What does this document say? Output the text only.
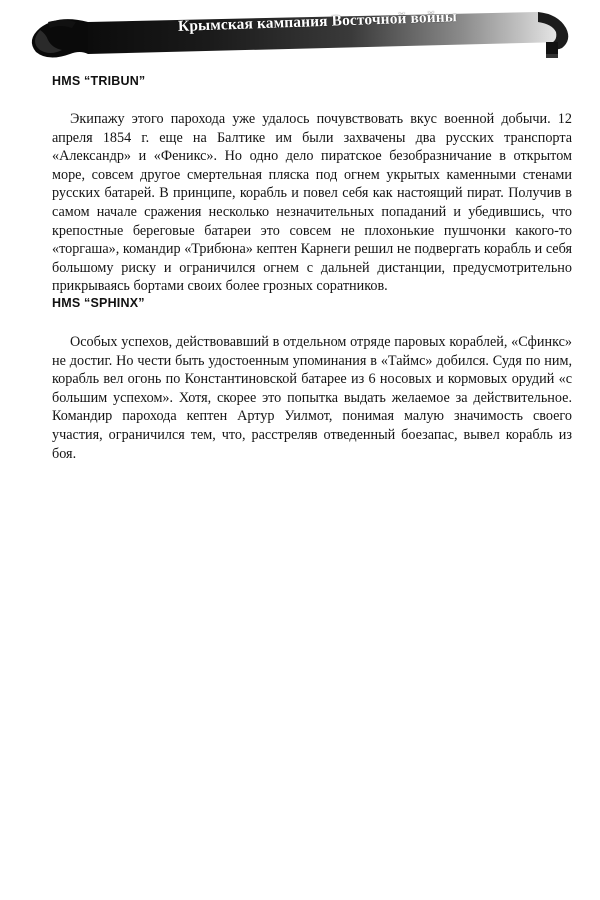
Крымская кампания Восточной войны
HMS “TRIBUN”

Экипажу этого парохода уже удалось почувствовать вкус военной добычи. 12 апреля 1854 г. еще на Балтике им были захвачены два русских транспорта «Александр» и «Феникс». Но одно дело пиратское безобразничание в открытом море, совсем другое смертельная пляска под огнем укрытых каменными стенами русских батарей. В принципе, корабль и повел себя как настоящий пират. Получив в самом начале сражения несколько незначительных попаданий и убедившись, что крепостные береговые батареи это совсем не плохонькие пушчонки какого-то «торгаша», командир «Трибюна» кептен Карнеги решил не подвергать корабль и себя большому риску и ограничился огнем с дальней дистанции, предусмотрительно прикрываясь бортами своих более грозных соратников.

HMS “SPHINX”

Особых успехов, действовавший в отдельном отряде паровых кораблей, «Сфинкс» не достиг. Но чести быть удостоенным упоминания в «Таймс» добился. Судя по ним, корабль вел огонь по Константиновской батарее из 6 носовых и кормовых орудий «с большим успехом». Хотя, скорее это попытка выдать желаемое за действительное. Командир парохода кептен Артур Уилмот, понимая малую значимость своего участия, ограничился тем, что, расстреляв отведенный боезапас, вывел корабль из боя.
